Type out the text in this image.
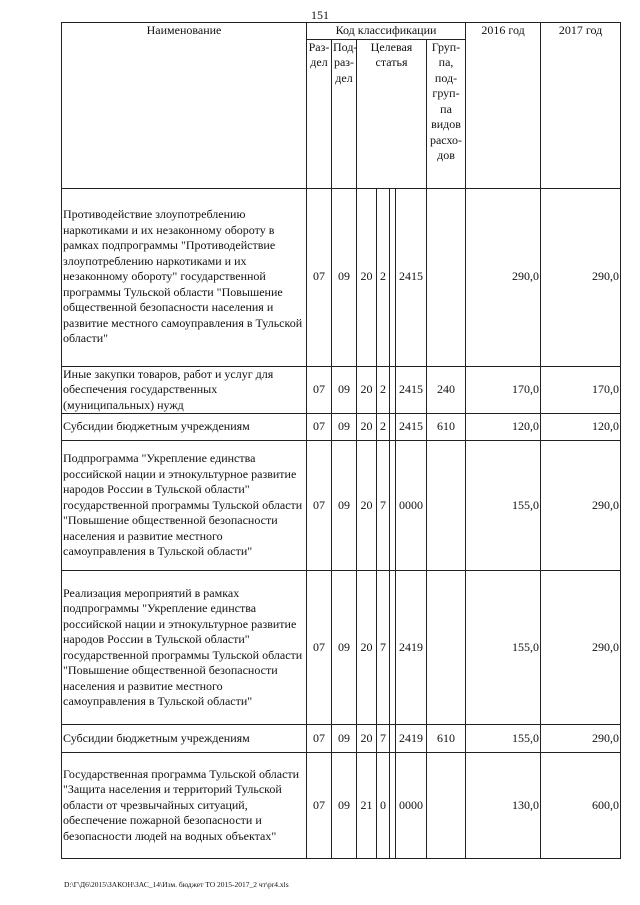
151
Наименование	Код классификации							2016 год	2017 год
	Раз-дел	Под-раз-дел	Целевая статья				Груп-па, под-груп-па видов расхо-дов		
Противодействие злоупотреблению наркотиками и их незаконному обороту в рамках подпрограммы "Противодействие злоупотреблению наркотиками и их незаконному обороту" государственной программы Тульской области "Повышение общественной безопасности населения и развитие местного самоуправления в Тульской области"	07	09	20	2		2415		290,0	290,0
Иные закупки товаров, работ и услуг для обеспечения государственных (муниципальных) нужд	07	09	20	2		2415	240	170,0	170,0
Субсидии бюджетным учреждениям	07	09	20	2		2415	610	120,0	120,0
Подпрограмма "Укрепление единства российской нации и этнокультурное развитие народов России в Тульской области" государственной программы Тульской области "Повышение общественной безопасности населения и развитие местного самоуправления в Тульской области"	07	09	20	7		0000		155,0	290,0
Реализация мероприятий в рамках подпрограммы "Укрепление единства российской нации и этнокультурное развитие народов России в Тульской области" государственной программы Тульской области "Повышение общественной безопасности населения и развитие местного самоуправления в Тульской области"	07	09	20	7		2419		155,0	290,0
Субсидии бюджетным учреждениям	07	09	20	7		2419	610	155,0	290,0
Государственная программа Тульской области "Защита населения и территорий Тульской области от чрезвычайных ситуаций, обеспечение пожарной безопасности и безопасности людей на водных объектах"	07	09	21	0		0000		130,0	600,0
D:\Г\Д6\2015\ЗАКОН\ЗАС_14\Изм. бюджет ТО 2015-2017_2 чт\pr4.xls
